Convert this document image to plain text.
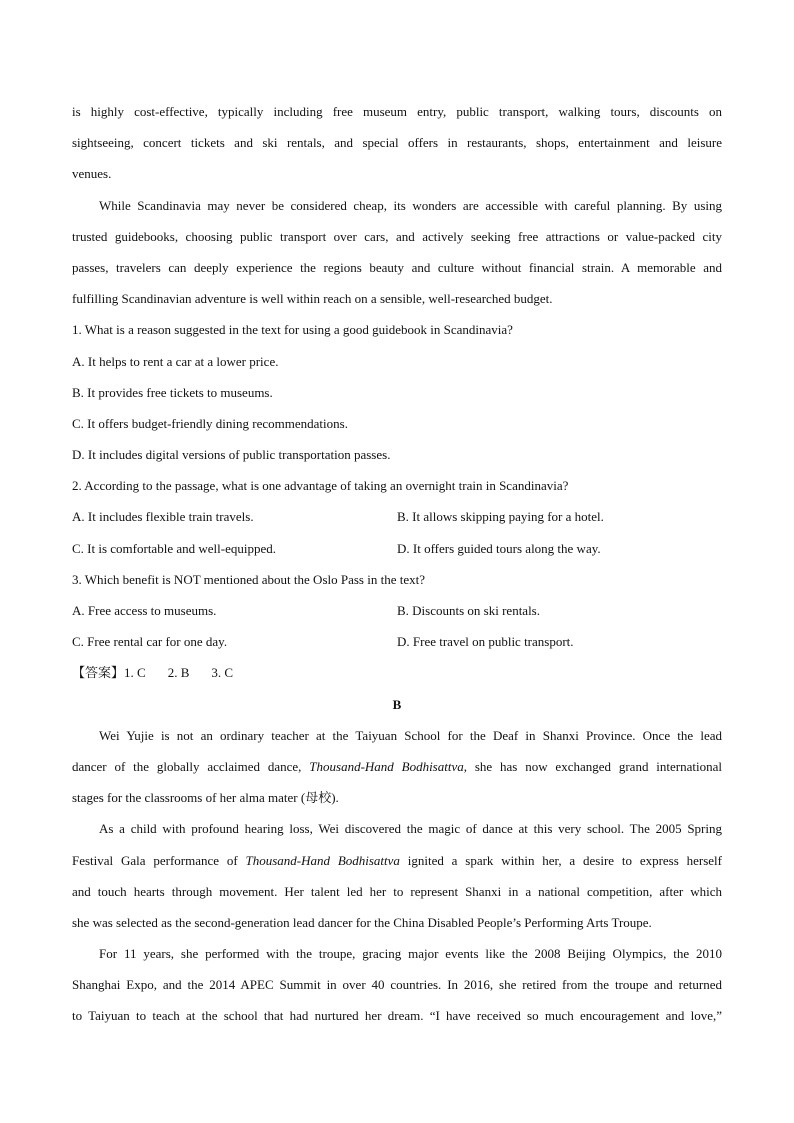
is highly cost-effective, typically including free museum entry, public transport, walking tours, discounts on
sightseeing, concert tickets and ski rentals, and special offers in restaurants, shops, entertainment and leisure
venues.
While Scandinavia may never be considered cheap, its wonders are accessible with careful planning. By using
trusted guidebooks, choosing public transport over cars, and actively seeking free attractions or value-packed city
passes, travelers can deeply experience the regions beauty and culture without financial strain. A memorable and
fulfilling Scandinavian adventure is well within reach on a sensible, well-researched budget.
1. What is a reason suggested in the text for using a good guidebook in Scandinavia?
A. It helps to rent a car at a lower price.
B. It provides free tickets to museums.
C. It offers budget-friendly dining recommendations.
D. It includes digital versions of public transportation passes.
2. According to the passage, what is one advantage of taking an overnight train in Scandinavia?
A. It includes flexible train travels.	B. It allows skipping paying for a hotel.
C. It is comfortable and well-equipped.	D. It offers guided tours along the way.
3. Which benefit is NOT mentioned about the Oslo Pass in the text?
A. Free access to museums.	B. Discounts on ski rentals.
C. Free rental car for one day.	D. Free travel on public transport.
【答案】1. C 2. B 3. C
B
Wei Yujie is not an ordinary teacher at the Taiyuan School for the Deaf in Shanxi Province. Once the lead
dancer of the globally acclaimed dance, Thousand-Hand Bodhisattva, she has now exchanged grand international
stages for the classrooms of her alma mater (母校).
As a child with profound hearing loss, Wei discovered the magic of dance at this very school. The 2005 Spring
Festival Gala performance of Thousand-Hand Bodhisattva ignited a spark within her, a desire to express herself
and touch hearts through movement. Her talent led her to represent Shanxi in a national competition, after which
she was selected as the second-generation lead dancer for the China Disabled People’s Performing Arts Troupe.
For 11 years, she performed with the troupe, gracing major events like the 2008 Beijing Olympics, the 2010
Shanghai Expo, and the 2014 APEC Summit in over 40 countries. In 2016, she retired from the troupe and returned
to Taiyuan to teach at the school that had nurtured her dream. “I have received so much encouragement and love,”
